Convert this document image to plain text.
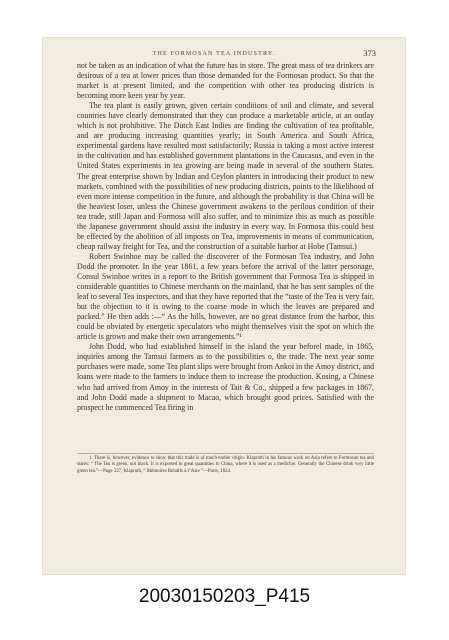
THE FORMOSAN TEA INDUSTRY.	373

not be taken as an indication of what the future has in store. The great mass of tea drinkers are desirous of a tea at lower prices than those demanded for the Formosan product. So that the market is at present limited, and the competition with other tea producing districts is becoming more keen year by year.

The tea plant is easily grown, given certain conditions of soil and climate, and several countries have clearly demonstrated that they can produce a marketable article, at an outlay which is not prohibitive. The Dutch East Indies are finding the cultivation of tea profitable, and are producing increasing quantities yearly; in South America and South Africa, experimental gardens have resulted most satisfactorily; Russia is taking a most active interest in the cultivation and has established government plantations in the Caucasus, and even in the United States experiments in tea growing are being made in several of the southern States. The great enterprise shown by Indian and Ceylon planters in introducing their product to new markets, combined with the possibilities of new producing districts, points to the likelihood of even more intense competition in the future, and although the probability is that China will be the heaviest loser, unless the Chinese government awakens to the perilous condition of their tea trade, still Japan and Formosa will also suffer, and to minimize this as much as possible the Japanese government should assist the industry in every way. In Formosa this could best be effected by the abolition of all imposts on Tea, improvements in means of communication, cheap railway freight for Tea, and the construction of a suitable harbor at Hobe (Tamsui.)

Robert Swinhoe may be called the discoverer of the Formosan Tea industry, and John Dodd the promoter. In the year 1861, a few years before the arrival of the latter personage, Consul Swinhoe writes in a report to the British government that Formosa Tea is shipped in considerable quantities to Chinese merchants on the mainland, that he has sent samples of the leaf to several Tea inspectors, and that they have reported that the “taste of the Tea is very fair, but the objection to it is owing to the coarse mode in which the leaves are prepared and packed.” He then adds :—“ As the hills, however, are no great distance from the harbor, this could be obviated by energetic speculators who might themselves visit the spot on which the article is grown and make their own arrangements.”¹

John Dodd, who had established himself in the island the year beforel made, in 1865, inquiries among the Tamsui farmers as to the possibilities o, the trade. The next year some purchases were made, some Tea plant slips were brought from Ankoi in the Amoy district, and loans were made to the farmers to induce them to increase the production. Kosing, a Chinese who had arrived from Amoy in the interests of Tait & Co., shipped a few packages in 1867, and John Dodd made a shipment to Macao, which brought good prices. Satisfied with the prospect he commenced Tea firing in

1. There is, however, evidence to show that this trade is of much earlier origin. Klaproth in his famous work on Asia refers to Formosan tea and states: “ The Tea is green, not black. It is exported in great quantities to China, where it is used as a medicine. Generally the Chinese drink very little green tea.”—Page 327, Klaproth, “ Mémoires Relatifs à l’Asie ”—Paris, 1824.
20030150203_P415
